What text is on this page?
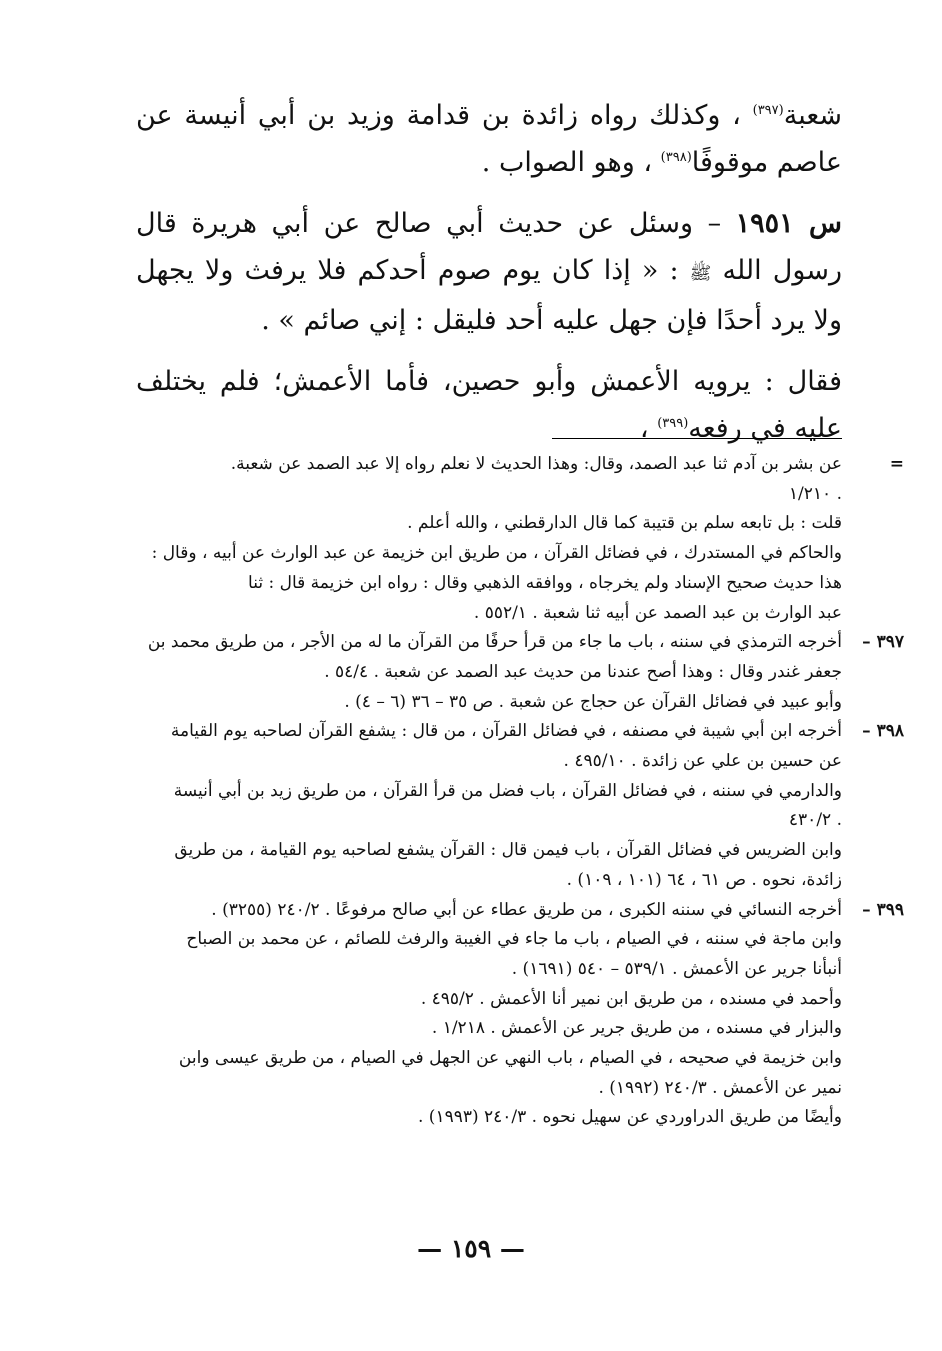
شعبة$^{(٣٩٧)}$ ، وكذلك رواه زائدة بن قدامة وزيد بن أبي أنيسة عن عاصم موقوفًا$^{(٣٩٨)}$ ، وهو الصواب .

س ١٩٥١ – وسئل عن حديث أبي صالح عن أبي هريرة قال رسول الله ﷺ : « إذا كان يوم صوم أحدكم فلا يرفث ولا يجهل ولا يرد أحدًا فإن جهل عليه أحد فليقل : إني صائم » .

فقال : يرويه الأعمش وأبو حصين، فأما الأعمش؛ فلم يختلف عليه في رفعه$^{(٣٩٩)}$ ،

=
عن بشر بن آدم ثنا عبد الصمد، وقال: وهذا الحديث لا نعلم رواه إلا عبد الصمد عن شعبة.
. ١/٢١٠
قلت : بل تابعه سلم بن قتيبة كما قال الدارقطني ، والله أعلم .
والحاكم في المستدرك ، في فضائل القرآن ، من طريق ابن خزيمة عن عبد الوارث عن أبيه ، وقال :
هذا حديث صحيح الإسناد ولم يخرجاه ، ووافقه الذهبي وقال : رواه ابن خزيمة قال : ثنا
عبد الوارث بن عبد الصمد عن أبيه ثنا شعبة . ٥٥٢/١ .
٣٩٧ –
أخرجه الترمذي في سننه ، باب ما جاء من قرأ حرفًا من القرآن ما له من الأجر ، من طريق محمد بن
جعفر غندر وقال : وهذا أصح عندنا من حديث عبد الصمد عن شعبة . ٥٤/٤ .
وأبو عبيد في فضائل القرآن عن حجاج عن شعبة . ص ٣٥ – ٣٦ (٦ – ٤) .
٣٩٨ –
أخرجه ابن أبي شيبة في مصنفه ، في فضائل القرآن ، من قال : يشفع القرآن لصاحبه يوم القيامة
عن حسين بن علي عن زائدة . ٤٩٥/١٠ .
والدارمي في سننه ، في فضائل القرآن ، باب فضل من قرأ القرآن ، من طريق زيد بن أبي أنيسة
. ٤٣٠/٢
وابن الضريس في فضائل القرآن ، باب فيمن قال : القرآن يشفع لصاحبه يوم القيامة ، من طريق
زائدة، نحوه . ص ٦١ ، ٦٤ (١٠١ ، ١٠٩) .
٣٩٩ –
أخرجه النسائي في سننه الكبرى ، من طريق عطاء عن أبي صالح مرفوعًا . ٢٤٠/٢ (٣٢٥٥) .
وابن ماجة في سننه ، في الصيام ، باب ما جاء في الغيبة والرفث للصائم ، عن محمد بن الصباح
أنبأنا جرير عن الأعمش . ٥٣٩/١ – ٥٤٠ (١٦٩١) .
وأحمد في مسنده ، من طريق ابن نمير أنا الأعمش . ٤٩٥/٢ .
والبزار في مسنده ، من طريق جرير عن الأعمش . ١/٢١٨ .
وابن خزيمة في صحيحه ، في الصيام ، باب النهي عن الجهل في الصيام ، من طريق عيسى وابن
نمير عن الأعمش . ٢٤٠/٣ (١٩٩٢) .
وأيضًا من طريق الدراوردي عن سهيل نحوه . ٢٤٠/٣ (١٩٩٣) .
— ١٥٩ —
